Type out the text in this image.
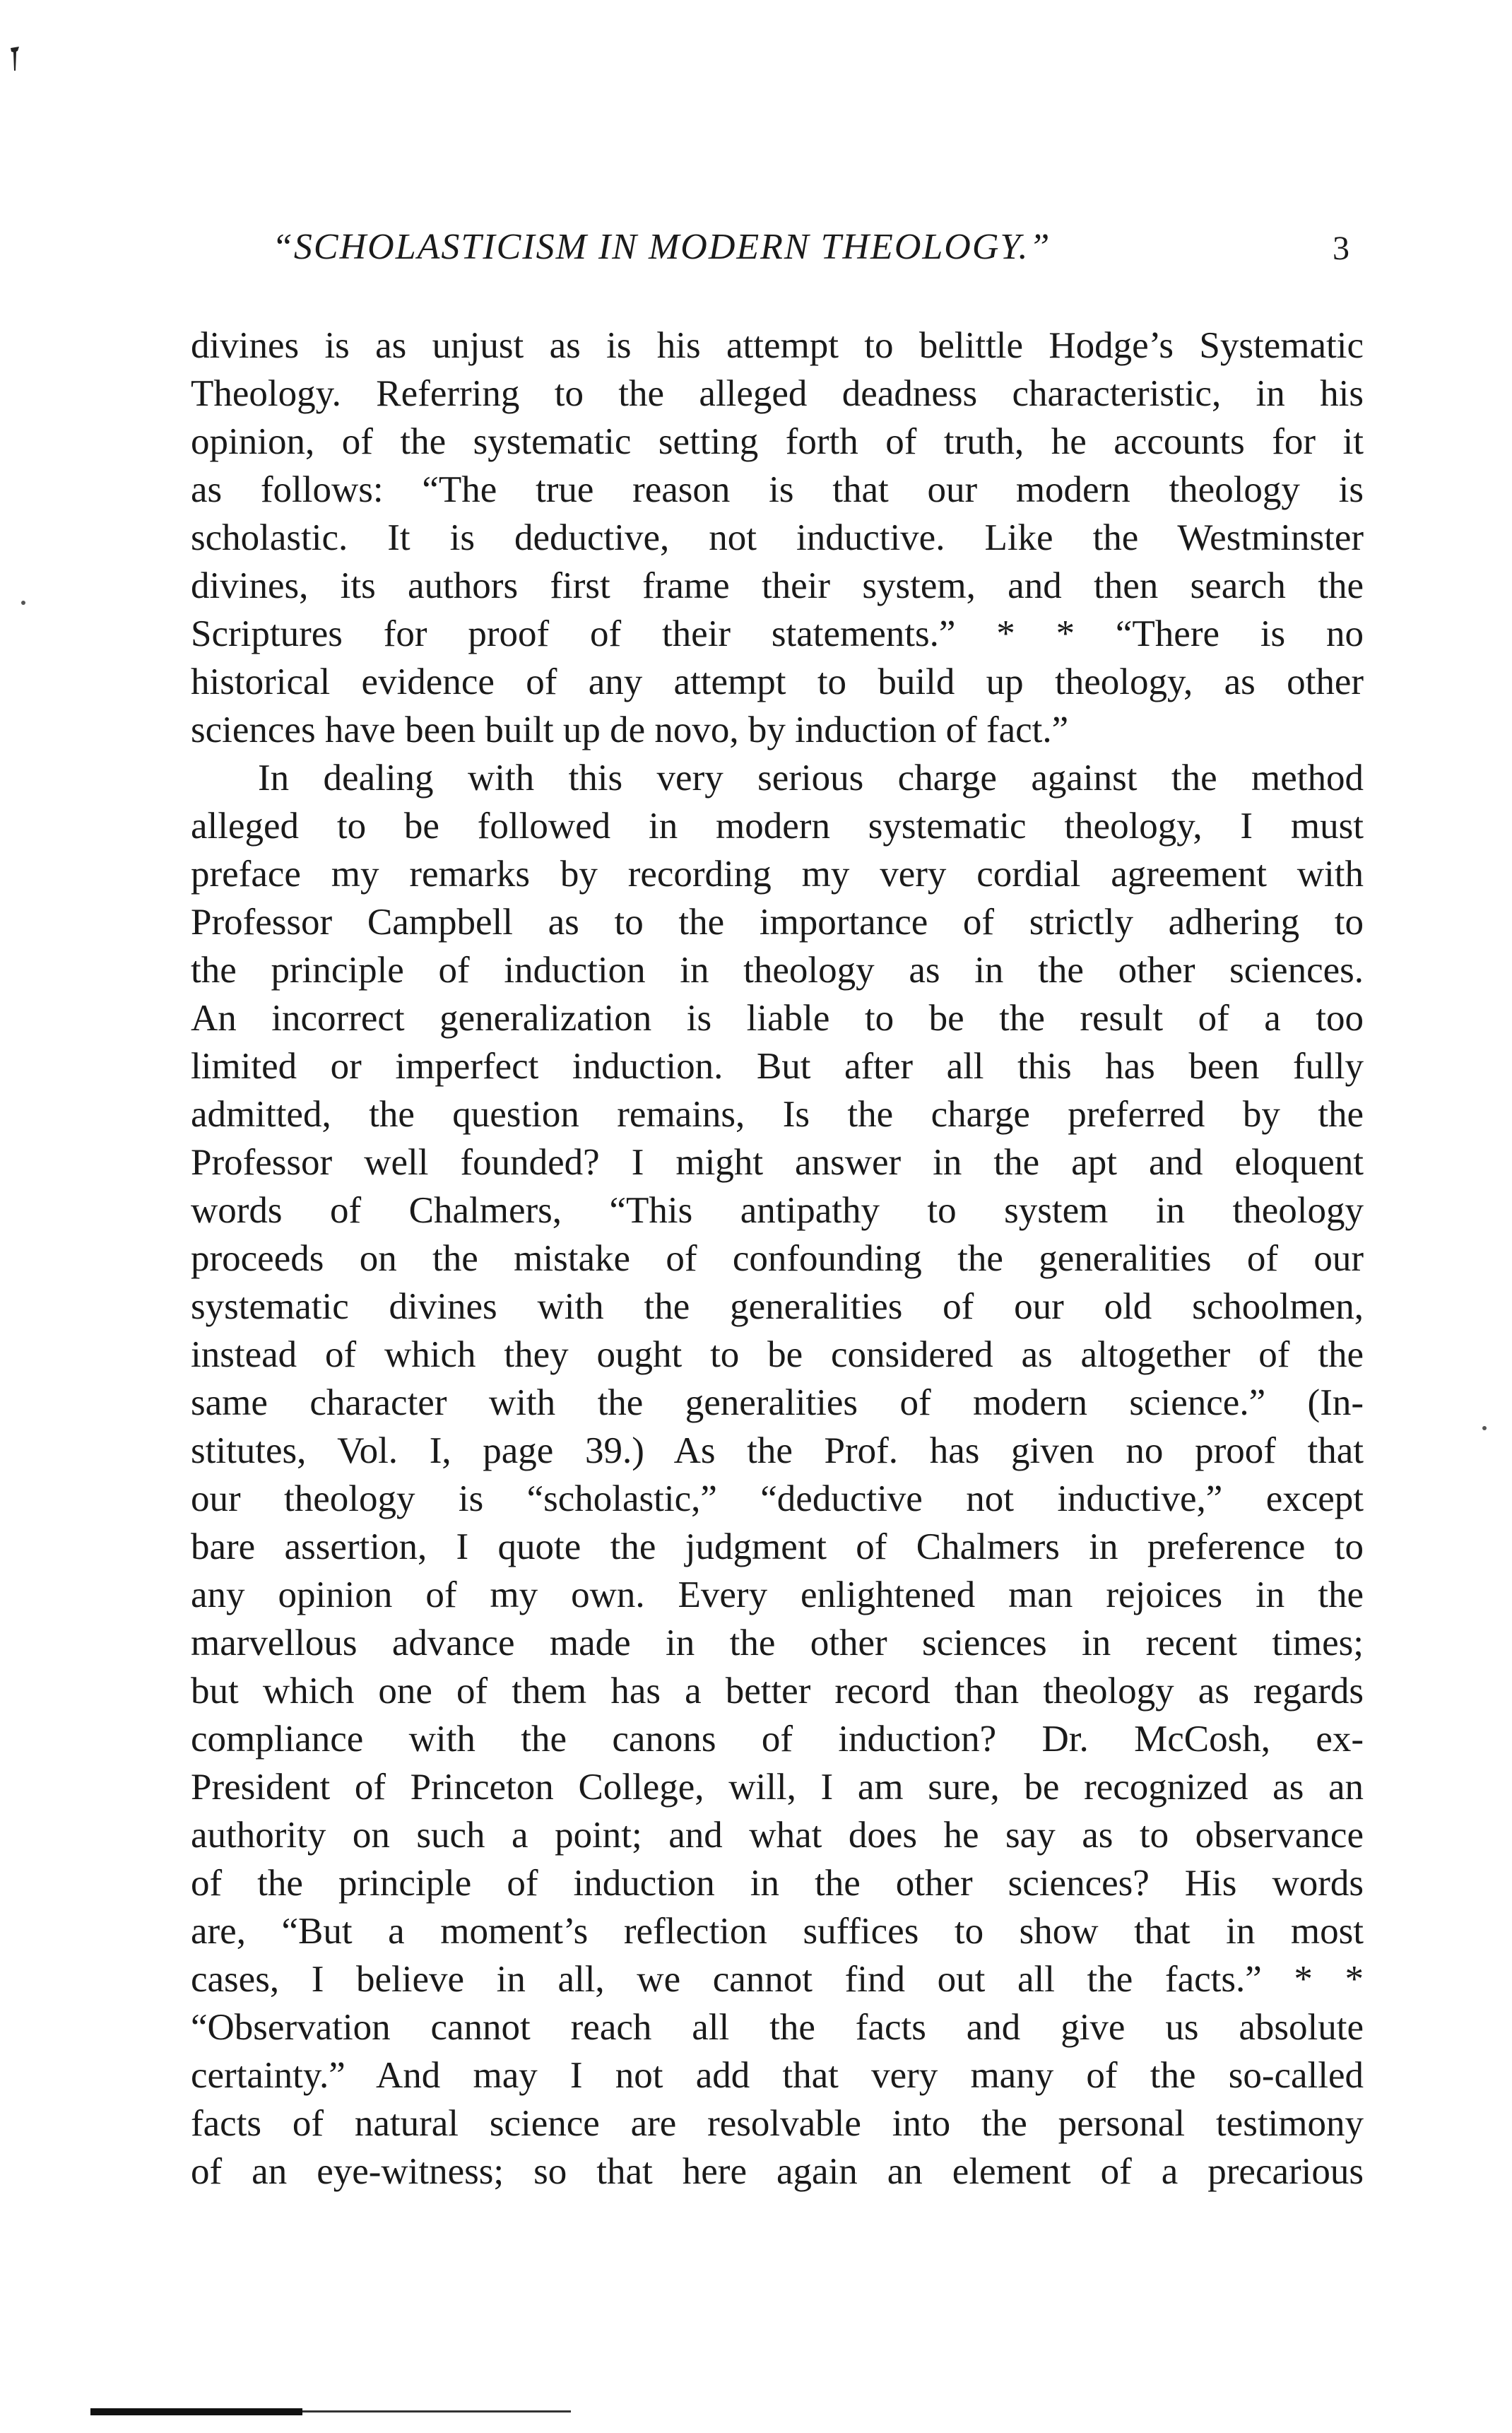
“SCHOLASTICISM IN MODERN THEOLOGY.”	3
divines is as unjust as is his attempt to belittle Hodge’s Systematic
Theology. Referring to the alleged deadness characteristic, in his
opinion, of the systematic setting forth of truth, he accounts for it
as follows: “The true reason is that our modern theology is
scholastic. It is deductive, not inductive. Like the Westminster
divines, its authors first frame their system, and then search the
Scriptures for proof of their statements.” * * “There is no
historical evidence of any attempt to build up theology, as other
sciences have been built up de novo, by induction of fact.”
In dealing with this very serious charge against the method
alleged to be followed in modern systematic theology, I must
preface my remarks by recording my very cordial agreement with
Professor Campbell as to the importance of strictly adhering to
the principle of induction in theology as in the other sciences.
An incorrect generalization is liable to be the result of a too
limited or imperfect induction. But after all this has been fully
admitted, the question remains, Is the charge preferred by the
Professor well founded? I might answer in the apt and eloquent
words of Chalmers, “This antipathy to system in theology
proceeds on the mistake of confounding the generalities of our
systematic divines with the generalities of our old schoolmen,
instead of which they ought to be considered as altogether of the
same character with the generalities of modern science.” (In-
stitutes, Vol. I, page 39.) As the Prof. has given no proof that
our theology is “scholastic,” “deductive not inductive,” except
bare assertion, I quote the judgment of Chalmers in preference to
any opinion of my own. Every enlightened man rejoices in the
marvellous advance made in the other sciences in recent times;
but which one of them has a better record than theology as regards
compliance with the canons of induction? Dr. McCosh, ex-
President of Princeton College, will, I am sure, be recognized as an
authority on such a point; and what does he say as to observance
of the principle of induction in the other sciences? His words
are, “But a moment’s reflection suffices to show that in most
cases, I believe in all, we cannot find out all the facts.” * *
“Observation cannot reach all the facts and give us absolute
certainty.” And may I not add that very many of the so-called
facts of natural science are resolvable into the personal testimony
of an eye-witness; so that here again an element of a precarious
